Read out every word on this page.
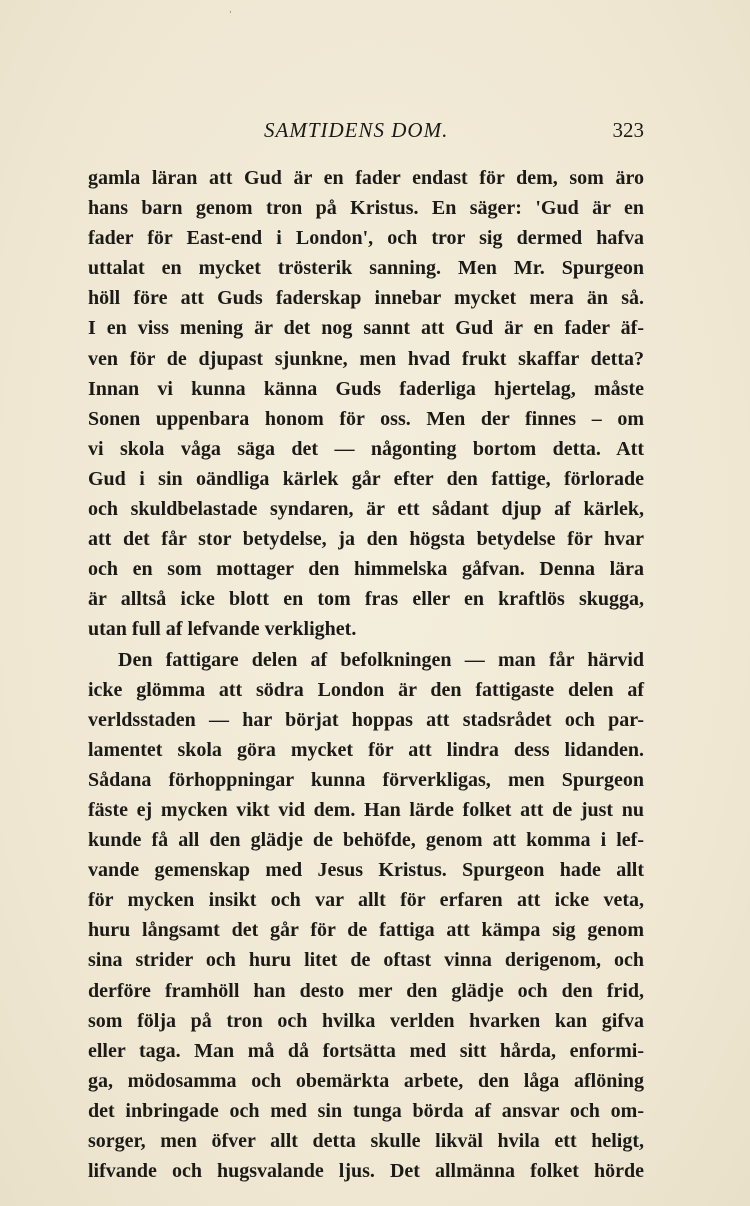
ˌ
SAMTIDENS DOM.	323
gamla läran att Gud är en fader endast för dem, som äro
hans barn genom tron på Kristus. En säger: 'Gud är en
fader för East-end i London', och tror sig dermed hafva
uttalat en mycket trösterik sanning. Men Mr. Spurgeon
höll före att Guds faderskap innebar mycket mera än så.
I en viss mening är det nog sannt att Gud är en fader äf-
ven för de djupast sjunkne, men hvad frukt skaffar detta?
Innan vi kunna känna Guds faderliga hjertelag, måste
Sonen uppenbara honom för oss. Men der finnes – om
vi skola våga säga det — någonting bortom detta. Att
Gud i sin oändliga kärlek går efter den fattige, förlorade
och skuldbelastade syndaren, är ett sådant djup af kärlek,
att det får stor betydelse, ja den högsta betydelse för hvar
och en som mottager den himmelska gåfvan. Denna lära
är alltså icke blott en tom fras eller en kraftlös skugga,
utan full af lefvande verklighet.
Den fattigare delen af befolkningen — man får härvid
icke glömma att södra London är den fattigaste delen af
verldsstaden — har börjat hoppas att stadsrådet och par-
lamentet skola göra mycket för att lindra dess lidanden.
Sådana förhoppningar kunna förverkligas, men Spurgeon
fäste ej mycken vikt vid dem. Han lärde folket att de just nu
kunde få all den glädje de behöfde, genom att komma i lef-
vande gemenskap med Jesus Kristus. Spurgeon hade allt
för mycken insikt och var allt för erfaren att icke veta,
huru långsamt det går för de fattiga att kämpa sig genom
sina strider och huru litet de oftast vinna derigenom, och
derföre framhöll han desto mer den glädje och den frid,
som följa på tron och hvilka verlden hvarken kan gifva
eller taga. Man må då fortsätta med sitt hårda, enformi-
ga, mödosamma och obemärkta arbete, den låga aflöning
det inbringade och med sin tunga börda af ansvar och om-
sorger, men öfver allt detta skulle likväl hvila ett heligt,
lifvande och hugsvalande ljus. Det allmänna folket hörde
